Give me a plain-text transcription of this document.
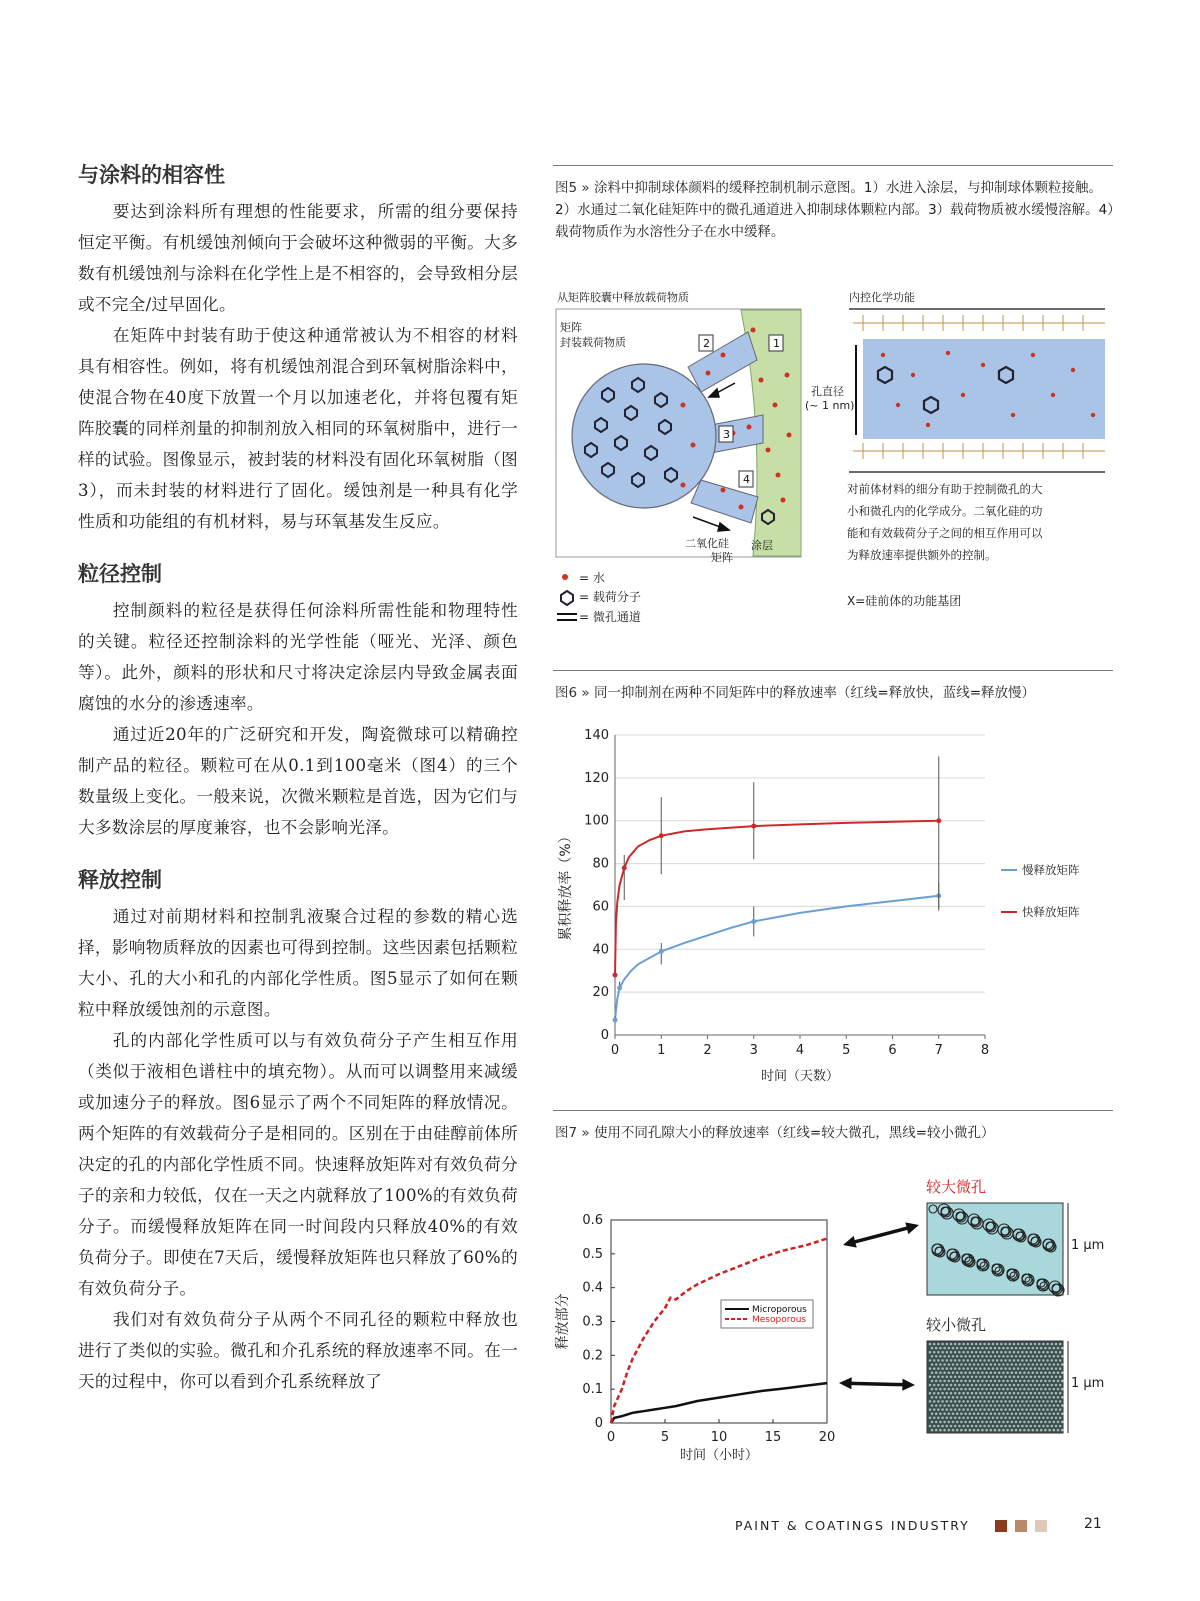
与涂料的相容性

要达到涂料所有理想的性能要求，所需的组分要保持恒定平衡。有机缓蚀剂倾向于会破坏这种微弱的平衡。大多数有机缓蚀剂与涂料在化学性上是不相容的，会导致相分层或不完全/过早固化。

在矩阵中封装有助于使这种通常被认为不相容的材料具有相容性。例如，将有机缓蚀剂混合到环氧树脂涂料中，使混合物在40度下放置一个月以加速老化，并将包覆有矩阵胶囊的同样剂量的抑制剂放入相同的环氧树脂中，进行一样的试验。图像显示，被封装的材料没有固化环氧树脂（图3），而未封装的材料进行了固化。缓蚀剂是一种具有化学性质和功能组的有机材料，易与环氧基发生反应。

粒径控制

控制颜料的粒径是获得任何涂料所需性能和物理特性的关键。粒径还控制涂料的光学性能（哑光、光泽、颜色等）。此外，颜料的形状和尺寸将决定涂层内导致金属表面腐蚀的水分的渗透速率。

通过近20年的广泛研究和开发，陶瓷微球可以精确控制产品的粒径。颗粒可在从0.1到100毫米（图4）的三个数量级上变化。一般来说，次微米颗粒是首选，因为它们与大多数涂层的厚度兼容，也不会影响光泽。

释放控制

通过对前期材料和控制乳液聚合过程的参数的精心选择，影响物质释放的因素也可得到控制。这些因素包括颗粒大小、孔的大小和孔的内部化学性质。图5显示了如何在颗粒中释放缓蚀剂的示意图。

孔的内部化学性质可以与有效负荷分子产生相互作用（类似于液相色谱柱中的填充物）。从而可以调整用来减缓或加速分子的释放。图6显示了两个不同矩阵的释放情况。两个矩阵的有效载荷分子是相同的。区别在于由硅醇前体所决定的孔的内部化学性质不同。快速释放矩阵对有效负荷分子的亲和力较低，仅在一天之内就释放了100%的有效负荷分子。而缓慢释放矩阵在同一时间段内只释放40%的有效负荷分子。即使在7天后，缓慢释放矩阵也只释放了60%的有效负荷分子。

我们对有效负荷分子从两个不同孔径的颗粒中释放也进行了类似的实验。微孔和介孔系统的释放速率不同。在一天的过程中，你可以看到介孔系统释放了

图5 » 涂料中抑制球体颜料的缓释控制机制示意图。1）水进入涂层，与抑制球体颗粒接触。2）水通过二氧化硅矩阵中的微孔通道进入抑制球体颗粒内部。3）载荷物质被水缓慢溶解。4）载荷物质作为水溶性分子在水中缓释。
从矩阵胶囊中释放载荷物质
2	1
3
4
矩阵
封装载荷物质
二氧化硅
矩阵
涂层
= 水
= 载荷分子
= 微孔通道
孔直径
(~ 1 nm)
内控化学功能
对前体材料的细分有助于控制微孔的大
小和微孔内的化学成分。二氧化硅的功
能和有效载荷分子之间的相互作用可以
为释放速率提供额外的控制。
X=硅前体的功能基团
图6 » 同一抑制剂在两种不同矩阵中的释放速率（红线=释放快，蓝线=释放慢）
0
20
40
60
80
100
120
140
0	1	2	3	4	5	6	7	8
时间（天数）
累积释放率（%）	慢释放矩阵
快释放矩阵
图7 » 使用不同孔隙大小的释放速率（红线=较大微孔，黑线=较小微孔）
0
0.1
0.2
0.3
0.4
0.5
0.6
0	5	10	15	20
时间（小时）
释放部分	Microporous
Mesoporous
较大微孔
1 μm
较小微孔
1 μm
PAINT & COATINGS INDUSTRY	21
